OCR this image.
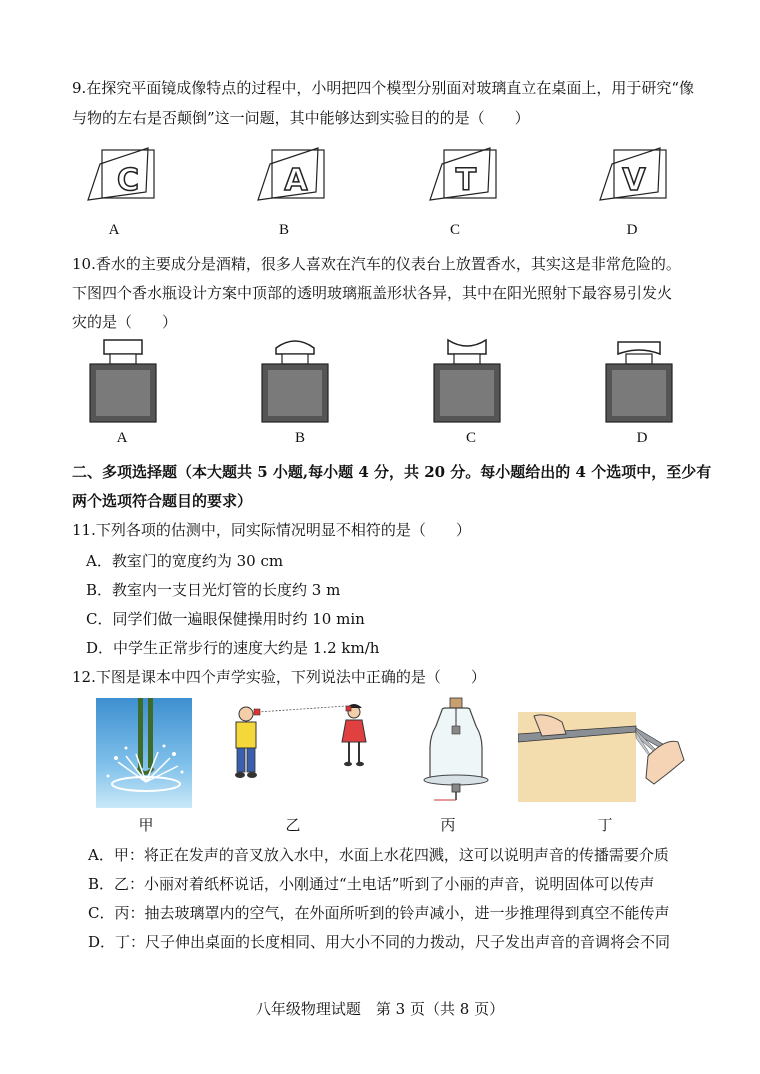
9.在探究平面镜成像特点的过程中，小明把四个模型分别面对玻璃直立在桌面上，用于研究“像
与物的左右是否颠倒”这一问题，其中能够达到实验目的的是（　　）
C	A	T	V
A	B	C	D
10.香水的主要成分是酒精，很多人喜欢在汽车的仪表台上放置香水，其实这是非常危险的。
下图四个香水瓶设计方案中顶部的透明玻璃瓶盖形状各异，其中在阳光照射下最容易引发火
灾的是（　　）
A	B	C	D
二、多项选择题（本大题共 5 小题,每小题 4 分，共 20 分。每小题给出的 4 个选项中，至少有
两个选项符合题目的要求）
11.下列各项的估测中，同实际情况明显不相符的是（　　）
A．教室门的宽度约为 30 cm
B．教室内一支日光灯管的长度约 3 m
C．同学们做一遍眼保健操用时约 10 min
D．中学生正常步行的速度大约是 1.2 km/h
12.下图是课本中四个声学实验，下列说法中正确的是（　　）
甲	乙	丙	丁
A．甲：将正在发声的音叉放入水中，水面上水花四溅，这可以说明声音的传播需要介质
B．乙：小丽对着纸杯说话，小刚通过“土电话”听到了小丽的声音，说明固体可以传声
C．丙：抽去玻璃罩内的空气，在外面所听到的铃声减小，进一步推理得到真空不能传声
D．丁：尺子伸出桌面的长度相同、用大小不同的力拨动，尺子发出声音的音调将会不同
八年级物理试题　第 3 页（共 8 页）
